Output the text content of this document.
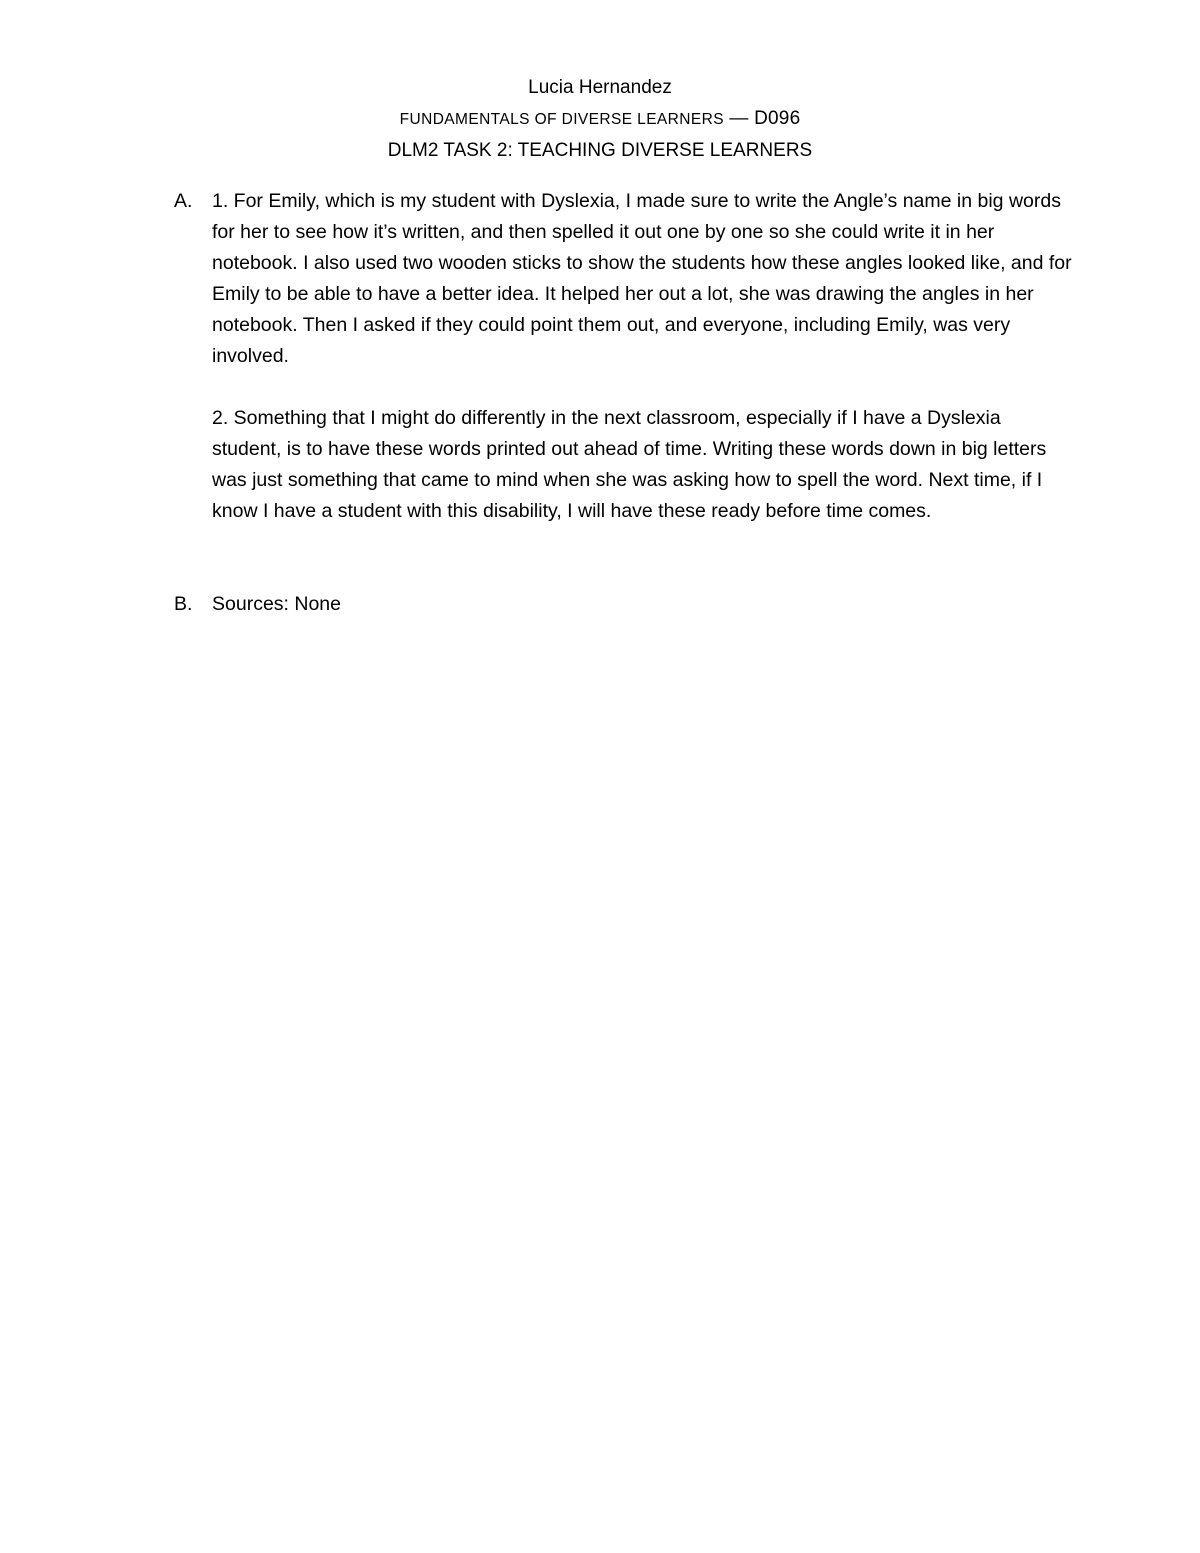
Lucia Hernandez
FUNDAMENTALS OF DIVERSE LEARNERS — D096
DLM2 TASK 2: TEACHING DIVERSE LEARNERS
A.	1. For Emily, which is my student with Dyslexia, I made sure to write the Angle’s name in big words for her to see how it’s written, and then spelled it out one by one so she could write it in her notebook. I also used two wooden sticks to show the students how these angles looked like, and for Emily to be able to have a better idea. It helped her out a lot, she was drawing the angles in her notebook. Then I asked if they could point them out, and everyone, including Emily, was very involved.

2. Something that I might do differently in the next classroom, especially if I have a Dyslexia student, is to have these words printed out ahead of time. Writing these words down in big letters was just something that came to mind when she was asking how to spell the word. Next time, if I know I have a student with this disability, I will have these ready before time comes.

B.	Sources: None
